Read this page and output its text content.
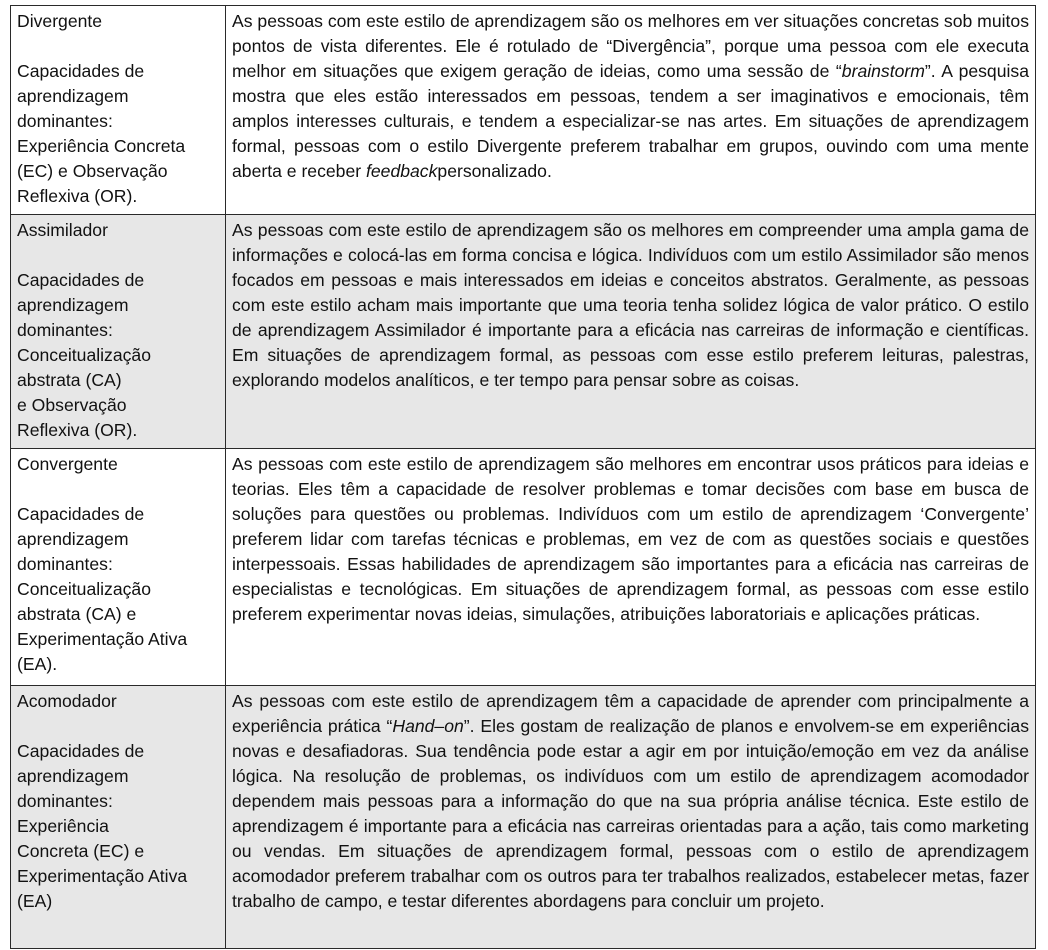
Divergente
Capacidades de
aprendizagem
dominantes:
Experiência Concreta
(EC) e Observação
Reflexiva (OR).
	As pessoas com este estilo de aprendizagem são os melhores em ver situações concretas sob muitos pontos de vista diferentes. Ele é rotulado de “Divergência”, porque uma pessoa com ele executa melhor em situações que exigem geração de ideias, como uma sessão de “brainstorm”. A pesquisa mostra que eles estão interessados em pessoas, tendem a ser imaginativos e emocionais, têm amplos interesses culturais, e tendem a especializar-se nas artes. Em situações de aprendizagem formal, pessoas com o estilo Divergente preferem trabalhar em grupos, ouvindo com uma mente aberta e receber feedbackpersonalizado.

Assimilador
Capacidades de
aprendizagem
dominantes:
Conceitualização
abstrata (CA)
e Observação
Reflexiva (OR).
	As pessoas com este estilo de aprendizagem são os melhores em compreender uma ampla gama de informações e colocá-las em forma concisa e lógica. Indivíduos com um estilo Assimilador são menos focados em pessoas e mais interessados em ideias e conceitos abstratos. Geralmente, as pessoas com este estilo acham mais importante que uma teoria tenha solidez lógica de valor prático. O estilo de aprendizagem Assimilador é importante para a eficácia nas carreiras de informação e científicas. Em situações de aprendizagem formal, as pessoas com esse estilo preferem leituras, palestras, explorando modelos analíticos, e ter tempo para pensar sobre as coisas.

Convergente
Capacidades de
aprendizagem
dominantes:
Conceitualização
abstrata (CA) e
Experimentação Ativa
(EA).
	As pessoas com este estilo de aprendizagem são melhores em encontrar usos práticos para ideias e teorias. Eles têm a capacidade de resolver problemas e tomar decisões com base em busca de soluções para questões ou problemas. Indivíduos com um estilo de aprendizagem ‘Convergente’ preferem lidar com tarefas técnicas e problemas, em vez de com as questões sociais e questões interpessoais. Essas habilidades de aprendizagem são importantes para a eficácia nas carreiras de especialistas e tecnológicas. Em situações de aprendizagem formal, as pessoas com esse estilo preferem experimentar novas ideias, simulações, atribuições laboratoriais e aplicações práticas.

Acomodador
Capacidades de
aprendizagem
dominantes:
Experiência
Concreta (EC) e
Experimentação Ativa
(EA)
	As pessoas com este estilo de aprendizagem têm a capacidade de aprender com principalmente a experiência prática “Hand–on”. Eles gostam de realização de planos e envolvem-se em experiências novas e desafiadoras. Sua tendência pode estar a agir em por intuição/emoção em vez da análise lógica. Na resolução de problemas, os indivíduos com um estilo de aprendizagem acomodador dependem mais pessoas para a informação do que na sua própria análise técnica. Este estilo de aprendizagem é importante para a eficácia nas carreiras orientadas para a ação, tais como marketing ou vendas. Em situações de aprendizagem formal, pessoas com o estilo de aprendizagem acomodador preferem trabalhar com os outros para ter trabalhos realizados, estabelecer metas, fazer trabalho de campo, e testar diferentes abordagens para concluir um projeto.
